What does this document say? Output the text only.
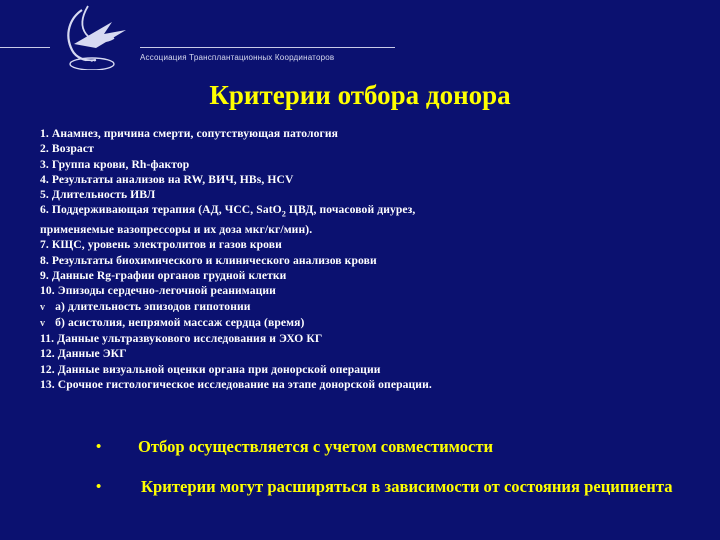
А.Т.К.
Ассоциация Трансплантационных Координаторов
Критерии отбора донора
1. Анамнез, причина смерти, сопутствующая патология
2. Возраст
3. Группа крови, Rh-фактор
4. Результаты анализов на RW, ВИЧ, HBs, HCV
5. Длительность ИВЛ
6. Поддерживающая терапия (АД, ЧСС, SatO$_2$ ЦВД, почасовой диурез,
применяемые вазопрессоры и их доза мкг/кг/мин).
7. КЩС, уровень электролитов и газов крови
8. Результаты биохимического и клинического анализов крови
9. Данные Rg-графии органов грудной клетки
10. Эпизоды сердечно-легочной реанимации
v а) длительность эпизодов гипотонии
v б) асистолия, непрямой массаж сердца (время)
11. Данные ультразвукового исследования и ЭХО КГ
12. Данные ЭКГ
12. Данные визуальной оценки органа при донорской операции
13. Срочное гистологическое исследование на этапе донорской операции.
•	Отбор осуществляется с учетом совместимости
•	Критерии могут расширяться в зависимости от состояния реципиента
